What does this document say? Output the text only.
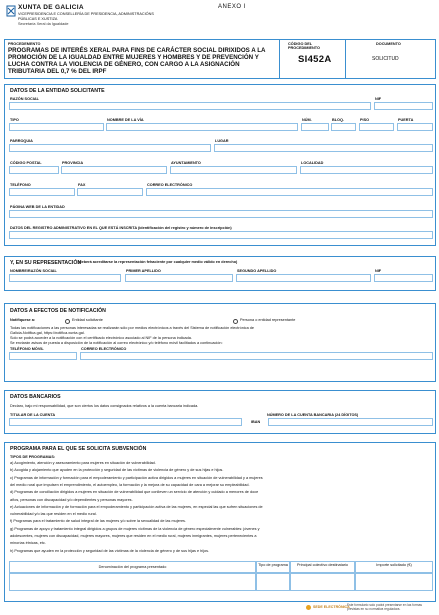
XUNTA DE GALICIA
VICEPRESIDENCIA E CONSELLERÍA DE PRESIDENCIA, ADMINISTRACIÓNS PÚBLICAS E XUSTIZA
Secretaría Xeral da Igualdade
ANEXO I
PROCEDEMENTO
PROGRAMAS DE INTERÉS XERAL PARA FINS DE CARÁCTER SOCIAL DIRIXIDOS A LA PROMOCIÓN DE LA IGUALDAD ENTRE MUJERES Y HOMBRES Y DE PREVENCIÓN Y LUCHA CONTRA LA VIOLENCIA DE GÉNERO, CON CARGO A LA ASIGNACIÓN TRIBUTARIA DEL 0,7 % DEL IRPF
CÓDIGO DEL PROCEDIMIENTO
SI452A
DOCUMENTO
SOLICITUD
DATOS DE LA ENTIDAD SOLICITANTE
RAZÓN SOCIAL	NIF
TIPO	NOMBRE DE LA VÍA	NÚM.	BLOQ.	PISO	PUERTA
PARROQUIA	LUGAR
CÓDIGO POSTAL	PROVINCIA	AYUNTAMIENTO	LOCALIDAD
TELÉFONO	FAX	CORREO ELECTRÓNICO
PÁGINA WEB DE LA ENTIDAD
DATOS DEL REGISTRO ADMINISTRATIVO EN EL QUE ESTÁ INSCRITA (identificación del registro y número de inscripción)
Y, EN SU REPRESENTACIÓN
(deberá acreditarse la representación fehaciente por cualquier medio válido en derecho)
NOMBRE/RAZÓN SOCIAL	PRIMER APELLIDO	SEGUNDO APELLIDO	NIF
DATOS A EFECTOS DE NOTIFICACIÓN
Notifíquese a:	Entidad solicitante	Persona o entidad representante
Todas las notificaciones a las personas interesadas se realizarán sólo por medios electrónicos a través del Sistema de notificación electrónica de
Galicia-Notifica.gal, https://notifica.xunta.gal.
Solo se podrá acceder a la notificación con el certificado electrónico asociado al NIF de la persona indicada.
Se enviarán avisos de puesta a disposición de la notificación al correo electrónico y/o teléfono móvil facilitados a continuación:
TELÉFONO MÓVIL	CORREO ELECTRÓNICO
DATOS BANCARIOS
Declaro, bajo mi responsabilidad, que son ciertos los datos consignados relativos a la cuenta bancaria indicada.
TITULAR DE LA CUENTA	NÚMERO DE LA CUENTA BANCARIA (24 DÍGITOS)
IBAN
PROGRAMA PARA EL QUE SE SOLICITA SUBVENCIÓN
TIPOS DE PROGRAMAS:
a) Acogimiento, atención y asesoramiento para mujeres en situación de vulnerabilidad.
b) Acogida y alojamiento que ayuden en la protección y seguridad de las víctimas de violencia de género y de sus hijas e hijos.
c) Programas de información y formación para el empoderamiento y participación activa dirigidos a mujeres en situación de vulnerabilidad y a mujeres
del medio rural que impulsen el emprendimiento, el autoempleo, la formación y la mejora de su capacidad de cara a mejorar su empleabilidad.
d) Programas de conciliación dirigidos a mujeres en situación de vulnerabilidad que conlleven un servicio de atención y cuidado a menores de doce
años, personas con discapacidad y/o dependientes y personas mayores.
e) Actuaciones de información y de formación para el empoderamiento y participación activa de las mujeres, en especial las que sufren situaciones de
vulnerabilidad y/o las que residen en el medio rural.
f) Programas para el tratamiento de salud integral de las mujeres y/o sobre la sexualidad de las mujeres.
g) Programas de apoyo y tratamiento integral dirigidos a grupos de mujeres víctimas de la violencia de género especialmente vulnerables: jóvenes y
adolescentes, mujeres con discapacidad, mujeres mayores, mujeres que residen en el medio rural, mujeres inmigrantes, mujeres pertenecientes a
minorías étnicas, etc.
h) Programas que ayuden en la protección y seguridad de las víctimas de la violencia de género y de sus hijas e hijos.
Denominación del programa presentado	Tipo de programa	Principal colectivo destinatario	Importe solicitado (€)
SEDE ELECTRÓNICA
Este formulario solo podrá presentarse en las formas previstas en su normativa reguladora.
